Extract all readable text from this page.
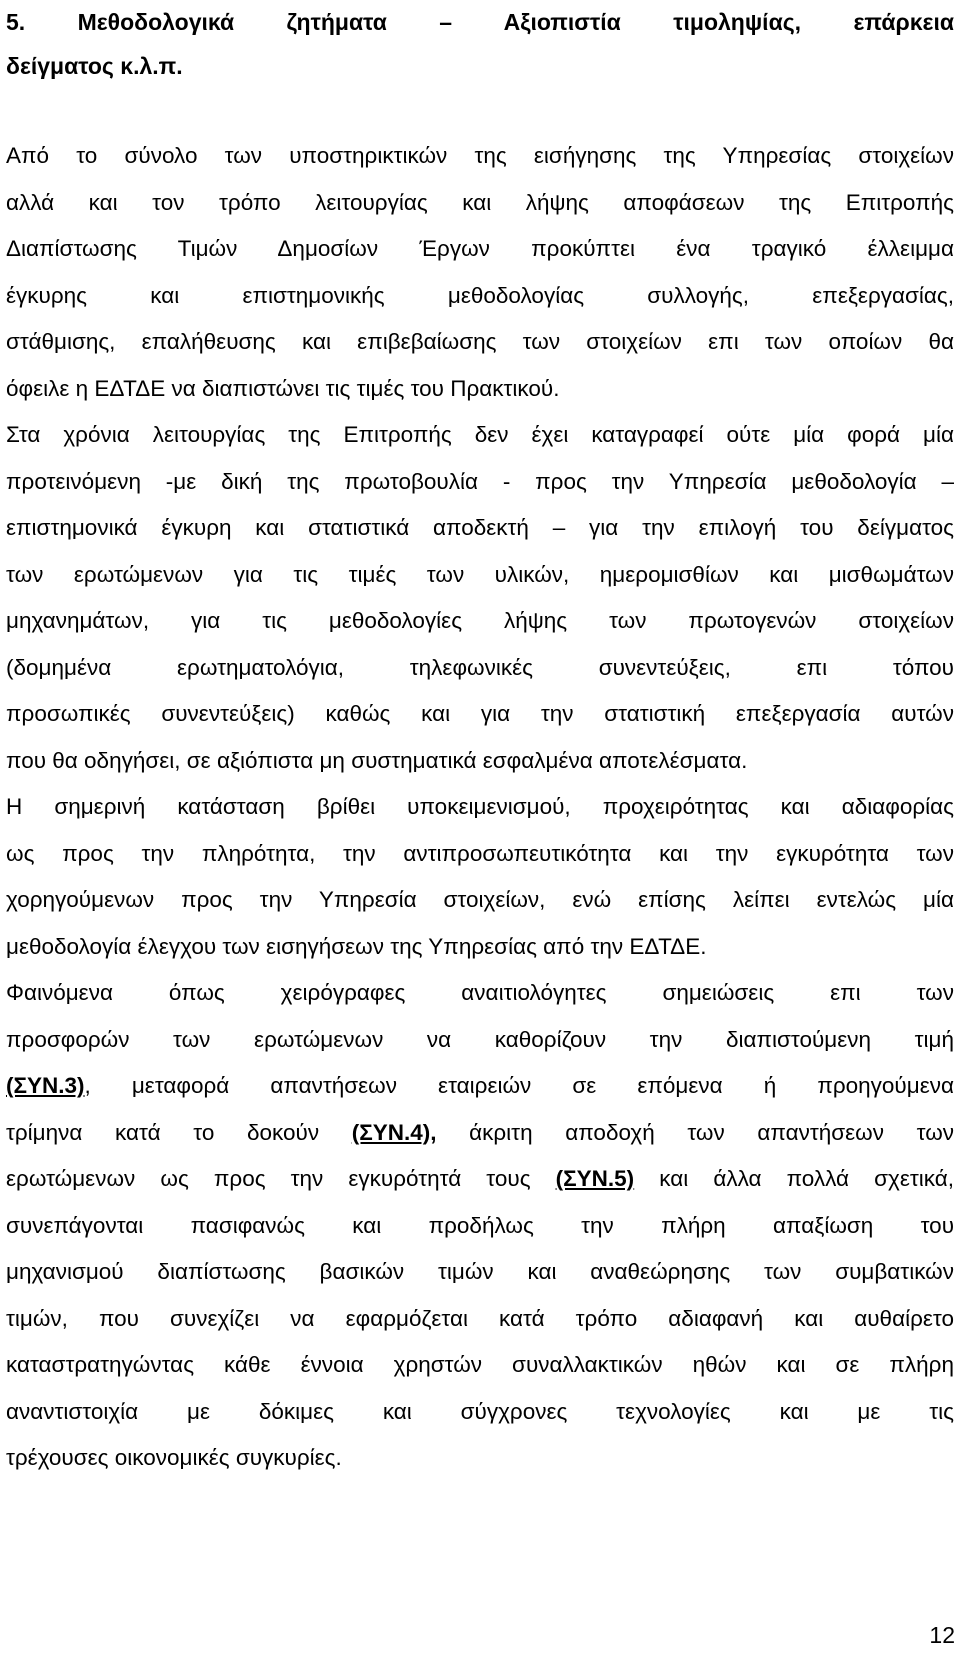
5. Μεθοδολογικά ζητήματα – Αξιοπιστία τιμοληψίας, επάρκεια
δείγματος κ.λ.π.

Από το σύνολο των υποστηρικτικών της εισήγησης της Υπηρεσίας στοιχείων
αλλά και τον τρόπο λειτουργίας και λήψης αποφάσεων της Επιτροπής
Διαπίστωσης Τιμών Δημοσίων Έργων προκύπτει ένα τραγικό έλλειμμα
έγκυρης και επιστημονικής μεθοδολογίας συλλογής, επεξεργασίας,
στάθμισης, επαλήθευσης και επιβεβαίωσης των στοιχείων επι των οποίων θα
όφειλε η ΕΔΤΔΕ να διαπιστώνει τις τιμές του Πρακτικού.

Στα χρόνια λειτουργίας της Επιτροπής δεν έχει καταγραφεί ούτε μία φορά μία
προτεινόμενη -με δική της πρωτοβουλία - προς την Υπηρεσία μεθοδολογία –
επιστημονικά έγκυρη και στατιστικά αποδεκτή – για την επιλογή του δείγματος
των ερωτώμενων για τις τιμές των υλικών, ημερομισθίων και μισθωμάτων
μηχανημάτων, για τις μεθοδολογίες λήψης των πρωτογενών στοιχείων
(δομημένα ερωτηματολόγια, τηλεφωνικές συνεντεύξεις, επι τόπου
προσωπικές συνεντεύξεις) καθώς και για την στατιστική επεξεργασία αυτών
που θα οδηγήσει, σε αξιόπιστα μη συστηματικά εσφαλμένα αποτελέσματα.

Η σημερινή κατάσταση βρίθει υποκειμενισμού, προχειρότητας και αδιαφορίας
ως προς την πληρότητα, την αντιπροσωπευτικότητα και την εγκυρότητα των
χορηγούμενων προς την Υπηρεσία στοιχείων, ενώ επίσης λείπει εντελώς μία
μεθοδολογία έλεγχου των εισηγήσεων της Υπηρεσίας από την ΕΔΤΔΕ.

Φαινόμενα όπως χειρόγραφες αναιτιολόγητες σημειώσεις επι των
προσφορών των ερωτώμενων να καθορίζουν την διαπιστούμενη τιμή
(ΣΥΝ.3), μεταφορά απαντήσεων εταιρειών σε επόμενα ή προηγούμενα
τρίμηνα κατά το δοκούν (ΣΥΝ.4), άκριτη αποδοχή των απαντήσεων των
ερωτώμενων ως προς την εγκυρότητά τους (ΣΥΝ.5) και άλλα πολλά σχετικά,
συνεπάγονται πασιφανώς και προδήλως την πλήρη απαξίωση του
μηχανισμού διαπίστωσης βασικών τιμών και αναθεώρησης των συμβατικών
τιμών, που συνεχίζει να εφαρμόζεται κατά τρόπο αδιαφανή και αυθαίρετο
καταστρατηγώντας κάθε έννοια χρηστών συναλλακτικών ηθών και σε πλήρη
αναντιστοιχία με δόκιμες και σύγχρονες τεχνολογίες και με τις
τρέχουσες οικονομικές συγκυρίες.

12
